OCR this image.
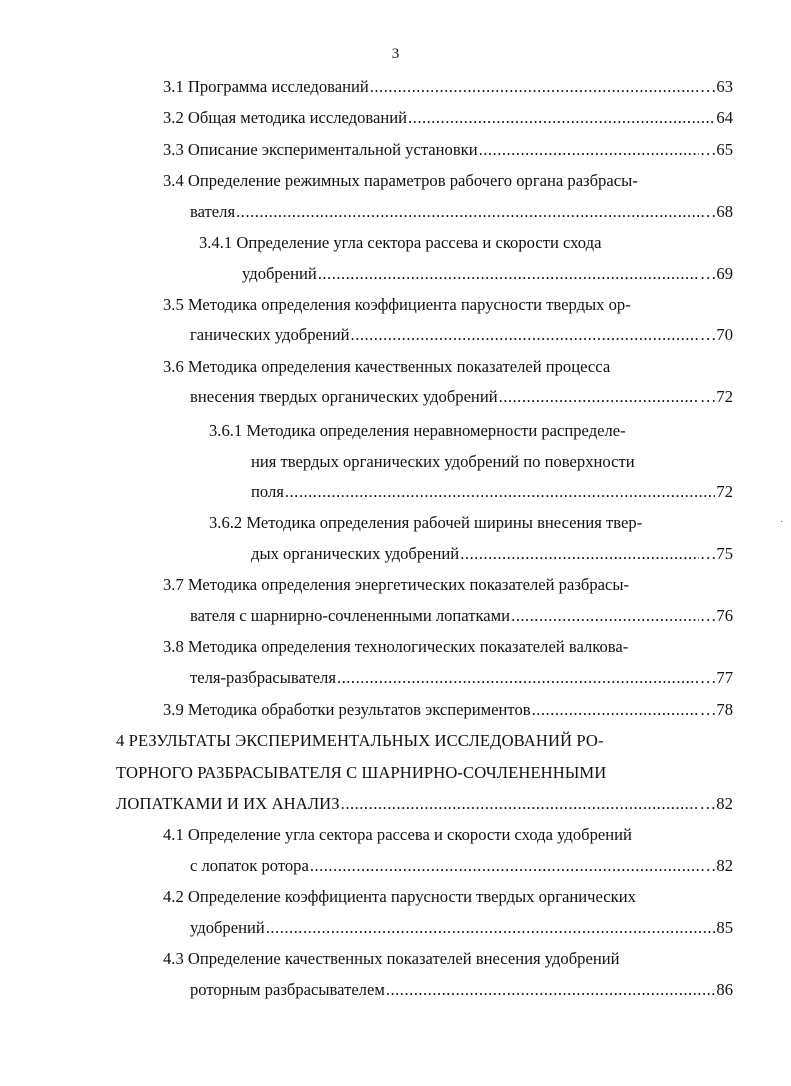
3
3.1 Программа исследований .....	…63
3.2 Общая методика исследований .....	64
3.3 Описание экспериментальной установки .....	…65
3.4 Определение режимных параметров рабочего органа разбрасы-
вателя .....	…68
3.4.1 Определение угла сектора рассева и скорости схода
удобрений .....	…69
3.5 Методика определения коэффициента парусности твердых ор-
ганических удобрений .....	…70
3.6 Методика определения качественных показателей процесса
внесения твердых органических удобрений .....	…72
3.6.1 Методика определения неравномерности распределе-
ния твердых органических удобрений по поверхности
поля .....	72
3.6.2 Методика определения рабочей ширины внесения твер-
дых органических удобрений .....	…75
3.7 Методика определения энергетических показателей разбрасы-
вателя с шарнирно-сочлененными лопатками .....	…76
3.8 Методика определения технологических показателей валкова-
теля-разбрасывателя .....	…77
3.9 Методика обработки результатов экспериментов .....	…78
4 РЕЗУЛЬТАТЫ ЭКСПЕРИМЕНТАЛЬНЫХ ИССЛЕДОВАНИЙ РО-
ТОРНОГО РАЗБРАСЫВАТЕЛЯ С ШАРНИРНО-СОЧЛЕНЕННЫМИ
ЛОПАТКАМИ И ИХ АНАЛИЗ .....	…82
4.1 Определение угла сектора рассева и скорости схода удобрений
с лопаток ротора .....	…82
4.2 Определение коэффициента парусности твердых органических
удобрений .....	85
4.3 Определение качественных показателей внесения удобрений
роторным разбрасывателем .....	86
ʼ
·
